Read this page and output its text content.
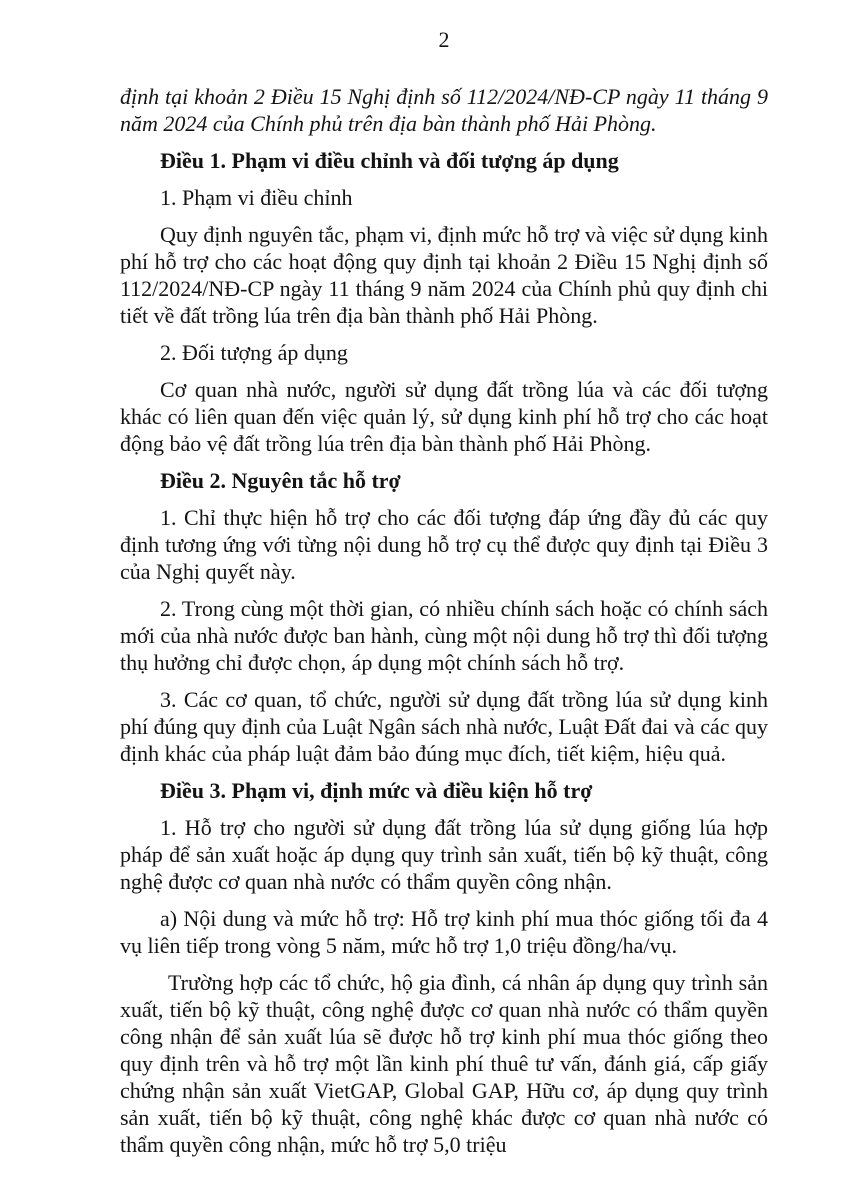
2

định tại khoản 2 Điều 15 Nghị định số 112/2024/NĐ-CP ngày 11 tháng 9 năm 2024 của Chính phủ trên địa bàn thành phố Hải Phòng.

Điều 1. Phạm vi điều chỉnh và đối tượng áp dụng

1. Phạm vi điều chỉnh

Quy định nguyên tắc, phạm vi, định mức hỗ trợ và việc sử dụng kinh phí hỗ trợ cho các hoạt động quy định tại khoản 2 Điều 15 Nghị định số 112/2024/NĐ-CP ngày 11 tháng 9 năm 2024 của Chính phủ quy định chi tiết về đất trồng lúa trên địa bàn thành phố Hải Phòng.

2. Đối tượng áp dụng

Cơ quan nhà nước, người sử dụng đất trồng lúa và các đối tượng khác có liên quan đến việc quản lý, sử dụng kinh phí hỗ trợ cho các hoạt động bảo vệ đất trồng lúa trên địa bàn thành phố Hải Phòng.

Điều 2. Nguyên tắc hỗ trợ

1. Chỉ thực hiện hỗ trợ cho các đối tượng đáp ứng đầy đủ các quy định tương ứng với từng nội dung hỗ trợ cụ thể được quy định tại Điều 3 của Nghị quyết này.

2. Trong cùng một thời gian, có nhiều chính sách hoặc có chính sách mới của nhà nước được ban hành, cùng một nội dung hỗ trợ thì đối tượng thụ hưởng chỉ được chọn, áp dụng một chính sách hỗ trợ.

3. Các cơ quan, tổ chức, người sử dụng đất trồng lúa sử dụng kinh phí đúng quy định của Luật Ngân sách nhà nước, Luật Đất đai và các quy định khác của pháp luật đảm bảo đúng mục đích, tiết kiệm, hiệu quả.

Điều 3. Phạm vi, định mức và điều kiện hỗ trợ

1. Hỗ trợ cho người sử dụng đất trồng lúa sử dụng giống lúa hợp pháp để sản xuất hoặc áp dụng quy trình sản xuất, tiến bộ kỹ thuật, công nghệ được cơ quan nhà nước có thẩm quyền công nhận.

a) Nội dung và mức hỗ trợ: Hỗ trợ kinh phí mua thóc giống tối đa 4 vụ liên tiếp trong vòng 5 năm, mức hỗ trợ 1,0 triệu đồng/ha/vụ.

Trường hợp các tổ chức, hộ gia đình, cá nhân áp dụng quy trình sản xuất, tiến bộ kỹ thuật, công nghệ được cơ quan nhà nước có thẩm quyền công nhận để sản xuất lúa sẽ được hỗ trợ kinh phí mua thóc giống theo quy định trên và hỗ trợ một lần kinh phí thuê tư vấn, đánh giá, cấp giấy chứng nhận sản xuất VietGAP, Global GAP, Hữu cơ, áp dụng quy trình sản xuất, tiến bộ kỹ thuật, công nghệ khác được cơ quan nhà nước có thẩm quyền công nhận, mức hỗ trợ 5,0 triệu
